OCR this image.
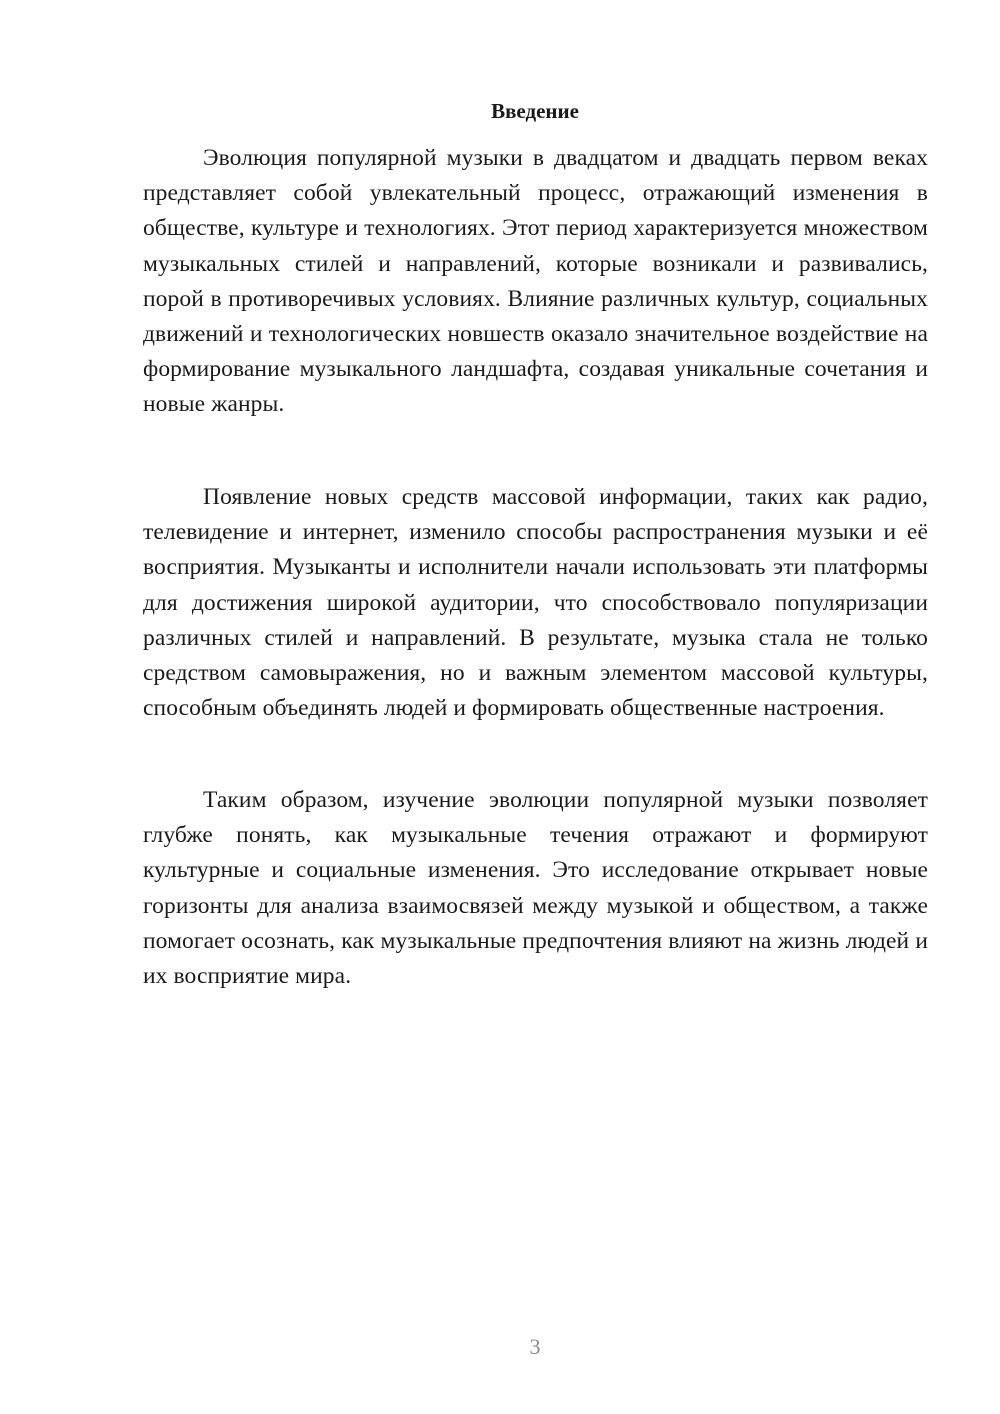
Введение

Эволюция популярной музыки в двадцатом и двадцать первом веках представляет собой увлекательный процесс, отражающий изменения в обществе, культуре и технологиях. Этот период характеризуется множеством музыкальных стилей и направлений, которые возникали и развивались, порой в противоречивых условиях. Влияние различных культур, социальных движений и технологических новшеств оказало значительное воздействие на формирование музыкального ландшафта, создавая уникальные сочетания и новые жанры.

Появление новых средств массовой информации, таких как радио, телевидение и интернет, изменило способы распространения музыки и её восприятия. Музыканты и исполнители начали использовать эти платформы для достижения широкой аудитории, что способствовало популяризации различных стилей и направлений. В результате, музыка стала не только средством самовыражения, но и важным элементом массовой культуры, способным объединять людей и формировать общественные настроения.

Таким образом, изучение эволюции популярной музыки позволяет глубже понять, как музыкальные течения отражают и формируют культурные и социальные изменения. Это исследование открывает новые горизонты для анализа взаимосвязей между музыкой и обществом, а также помогает осознать, как музыкальные предпочтения влияют на жизнь людей и их восприятие мира.

3
